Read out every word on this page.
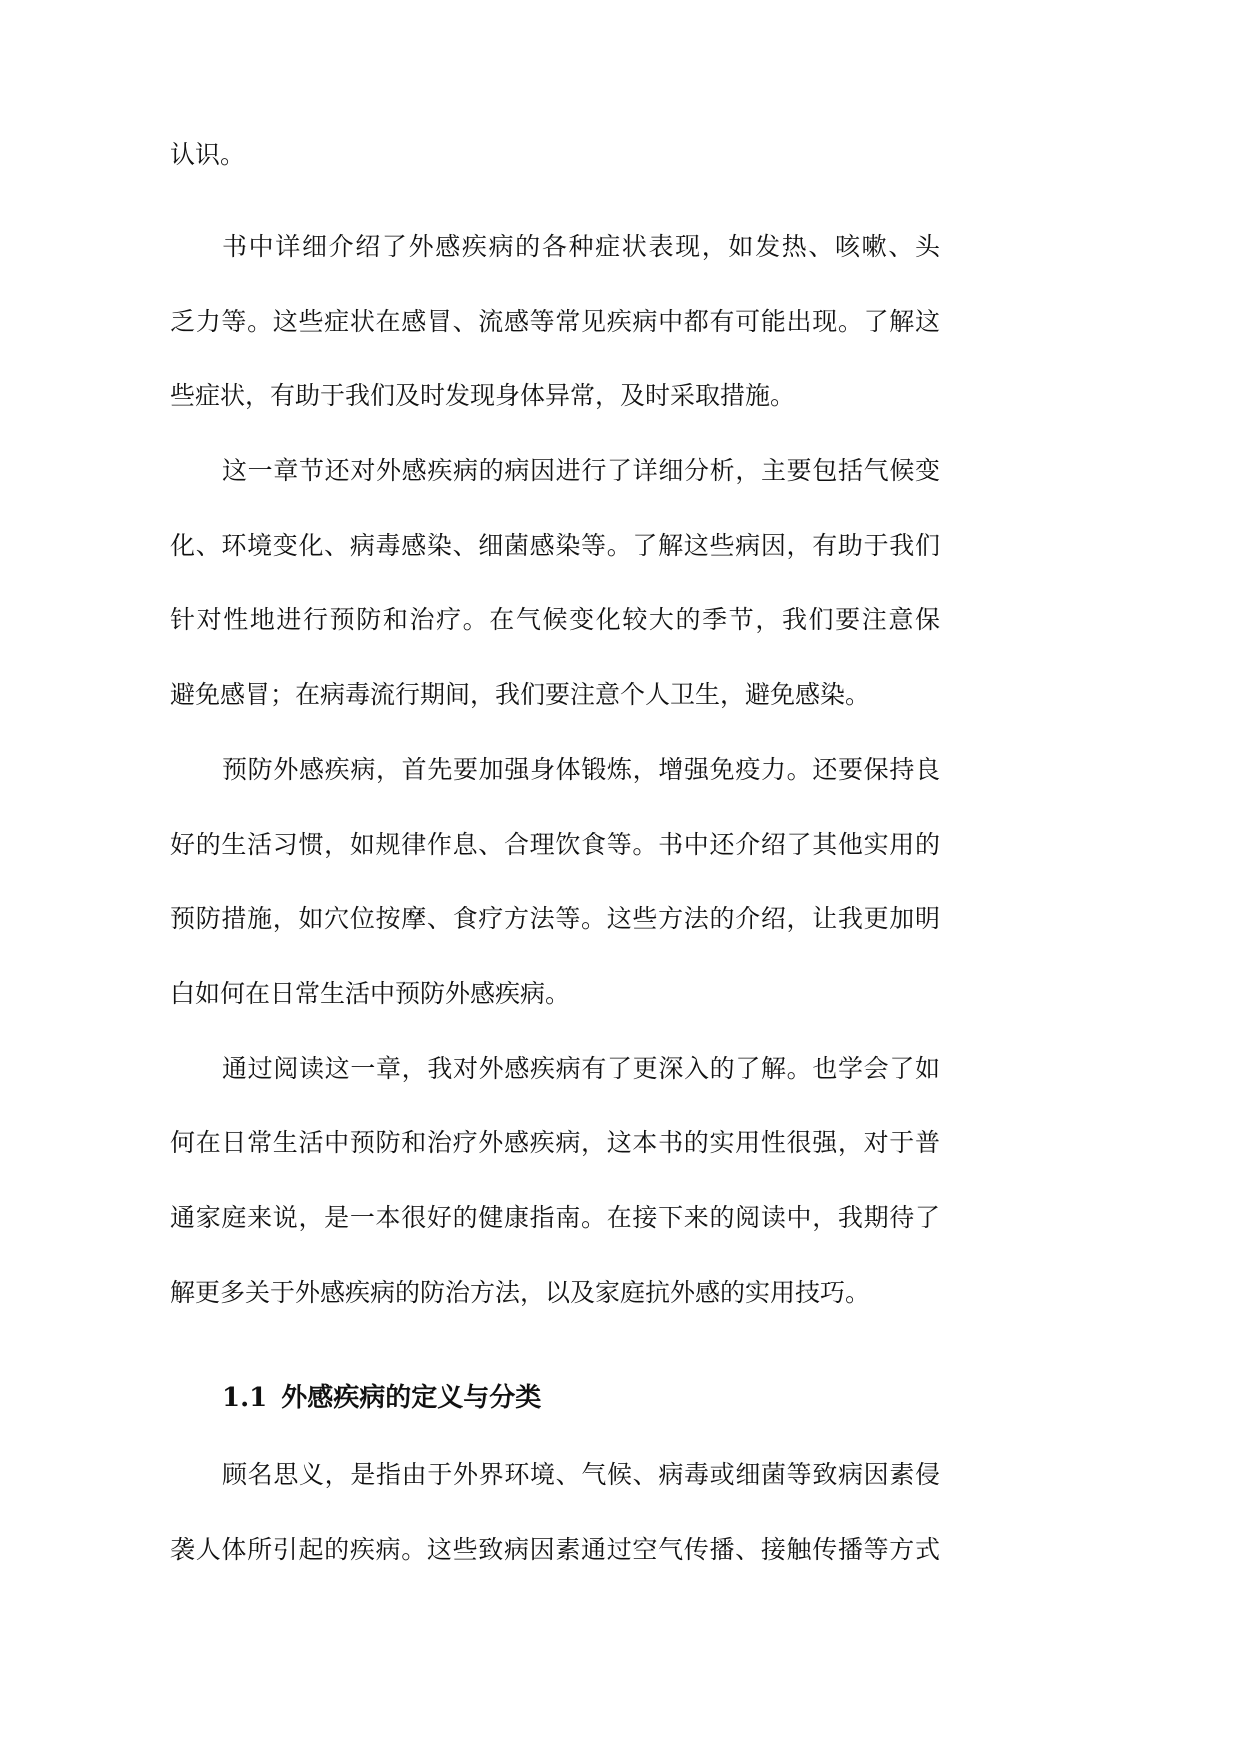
认识。
书中详细介绍了外感疾病的各种症状表现，如发热、咳嗽、头
乏力等。这些症状在感冒、流感等常见疾病中都有可能出现。了解这
些症状，有助于我们及时发现身体异常，及时采取措施。
这一章节还对外感疾病的病因进行了详细分析，主要包括气候变
化、环境变化、病毒感染、细菌感染等。了解这些病因，有助于我们
针对性地进行预防和治疗。在气候变化较大的季节，我们要注意保
避免感冒；在病毒流行期间，我们要注意个人卫生，避免感染。
预防外感疾病，首先要加强身体锻炼，增强免疫力。还要保持良
好的生活习惯，如规律作息、合理饮食等。书中还介绍了其他实用的
预防措施，如穴位按摩、食疗方法等。这些方法的介绍，让我更加明
白如何在日常生活中预防外感疾病。
通过阅读这一章，我对外感疾病有了更深入的了解。也学会了如
何在日常生活中预防和治疗外感疾病，这本书的实用性很强，对于普
通家庭来说，是一本很好的健康指南。在接下来的阅读中，我期待了
解更多关于外感疾病的防治方法，以及家庭抗外感的实用技巧。
1.1 外感疾病的定义与分类
顾名思义，是指由于外界环境、气候、病毒或细菌等致病因素侵
袭人体所引起的疾病。这些致病因素通过空气传播、接触传播等方式
